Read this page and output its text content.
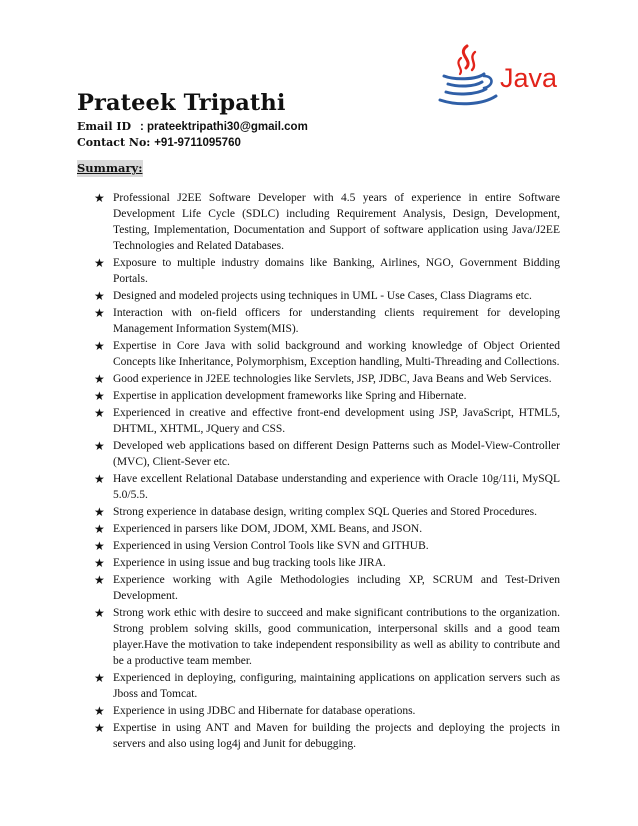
Java
Prateek Tripathi
Email ID : prateektripathi30@gmail.com
Contact No: +91-9711095760
Summary:
★ Professional J2EE Software Developer with 4.5 years of experience in entire Software Development Life Cycle (SDLC) including Requirement Analysis, Design, Development, Testing, Implementation, Documentation and Support of software application using Java/J2EE Technologies and Related Databases.
★ Exposure to multiple industry domains like Banking, Airlines, NGO, Government Bidding Portals.
★ Designed and modeled projects using techniques in UML - Use Cases, Class Diagrams etc.
★ Interaction with on-field officers for understanding clients requirement for developing Management Information System(MIS).
★ Expertise in Core Java with solid background and working knowledge of Object Oriented Concepts like Inheritance, Polymorphism, Exception handling, Multi-Threading and Collections.
★ Good experience in J2EE technologies like Servlets, JSP, JDBC, Java Beans and Web Services.
★ Expertise in application development frameworks like Spring and Hibernate.
★ Experienced in creative and effective front-end development using JSP, JavaScript, HTML5, DHTML, XHTML, JQuery and CSS.
★ Developed web applications based on different Design Patterns such as Model-View-Controller (MVC), Client-Sever etc.
★ Have excellent Relational Database understanding and experience with Oracle 10g/11i, MySQL 5.0/5.5.
★ Strong experience in database design, writing complex SQL Queries and Stored Procedures.
★ Experienced in parsers like DOM, JDOM, XML Beans, and JSON.
★ Experienced in using Version Control Tools like SVN and GITHUB.
★ Experience in using issue and bug tracking tools like JIRA.
★ Experience working with Agile Methodologies including XP, SCRUM and Test-Driven Development.
★ Strong work ethic with desire to succeed and make significant contributions to the organization. Strong problem solving skills, good communication, interpersonal skills and a good team player.Have the motivation to take independent responsibility as well as ability to contribute and be a productive team member.
★ Experienced in deploying, configuring, maintaining applications on application servers such as Jboss and Tomcat.
★ Experience in using JDBC and Hibernate for database operations.
★ Expertise in using ANT and Maven for building the projects and deploying the projects in servers and also using log4j and Junit for debugging.
